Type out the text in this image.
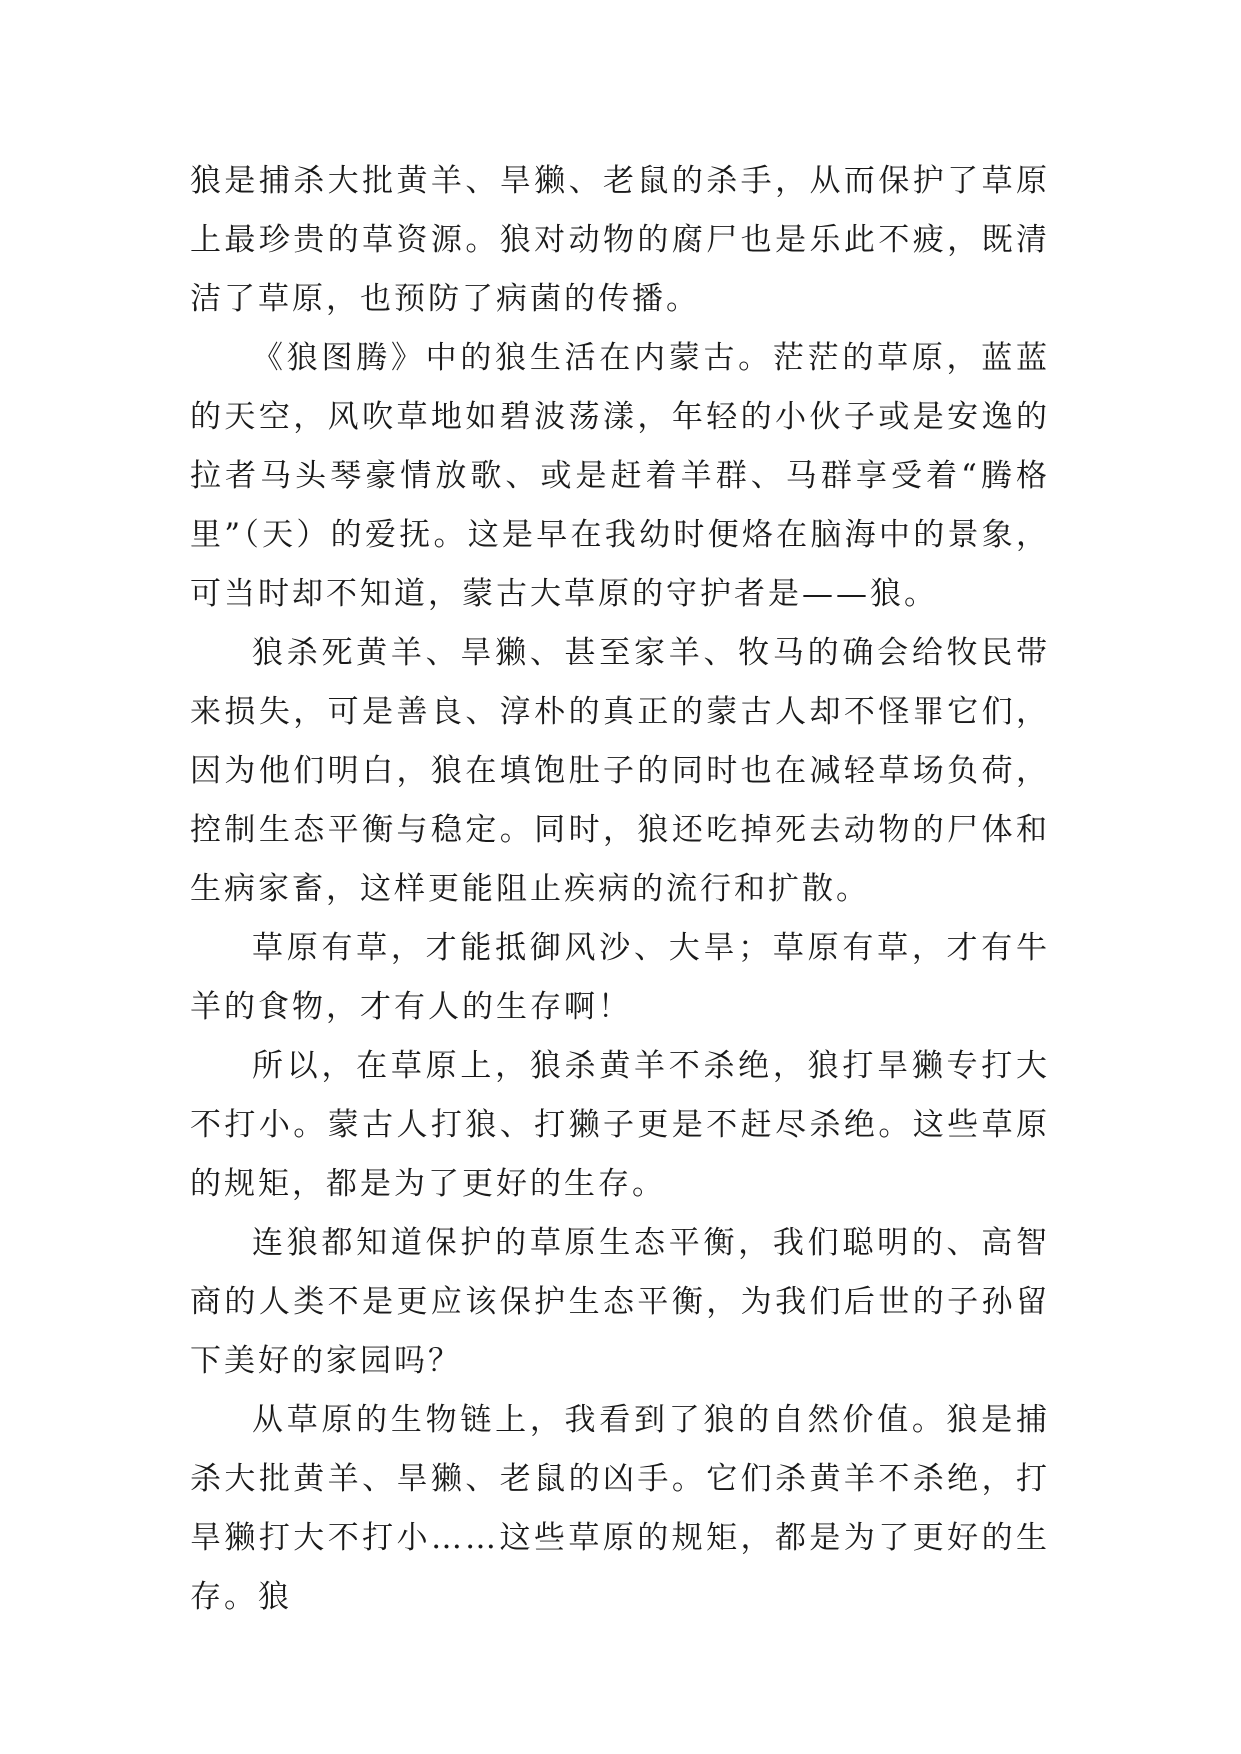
狼是捕杀大批黄羊、旱獭、老鼠的杀手，从而保护了草原上最珍贵的草资源。狼对动物的腐尸也是乐此不疲，既清洁了草原，也预防了病菌的传播。

《狼图腾》中的狼生活在内蒙古。茫茫的草原，蓝蓝的天空，风吹草地如碧波荡漾，年轻的小伙子或是安逸的拉者马头琴豪情放歌、或是赶着羊群、马群享受着“腾格里”（天）的爱抚。这是早在我幼时便烙在脑海中的景象，可当时却不知道，蒙古大草原的守护者是——狼。

狼杀死黄羊、旱獭、甚至家羊、牧马的确会给牧民带来损失，可是善良、淳朴的真正的蒙古人却不怪罪它们，因为他们明白，狼在填饱肚子的同时也在减轻草场负荷，控制生态平衡与稳定。同时，狼还吃掉死去动物的尸体和生病家畜，这样更能阻止疾病的流行和扩散。

草原有草，才能抵御风沙、大旱；草原有草，才有牛羊的食物，才有人的生存啊！

所以，在草原上，狼杀黄羊不杀绝，狼打旱獭专打大不打小。蒙古人打狼、打獭子更是不赶尽杀绝。这些草原的规矩，都是为了更好的生存。

连狼都知道保护的草原生态平衡，我们聪明的、高智商的人类不是更应该保护生态平衡，为我们后世的子孙留下美好的家园吗？

从草原的生物链上，我看到了狼的自然价值。狼是捕杀大批黄羊、旱獭、老鼠的凶手。它们杀黄羊不杀绝，打旱獭打大不打小……这些草原的规矩，都是为了更好的生存。狼
